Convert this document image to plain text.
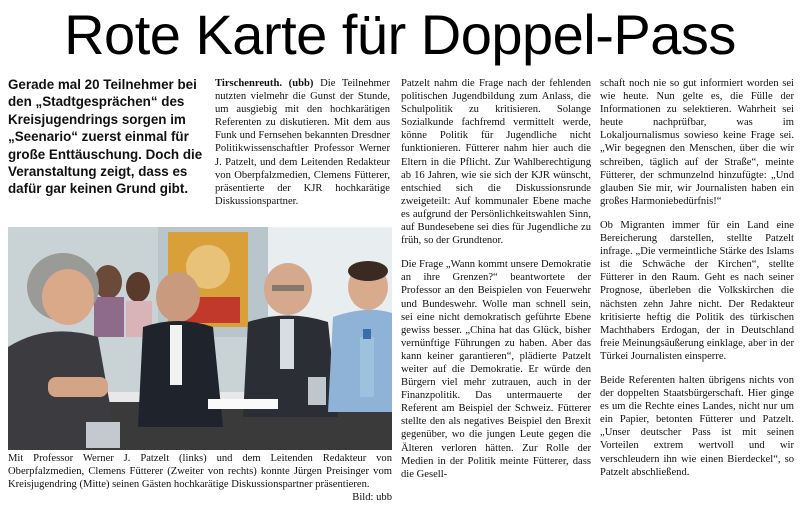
Rote Karte für Doppel-Pass

Gerade mal 20 Teilnehmer bei den „Stadtgesprächen“ des Kreisjugendrings sorgen im „Seenario“ zuerst einmal für große Enttäuschung. Doch die Veranstaltung zeigt, dass es dafür gar keinen Grund gibt.

Tirschenreuth. (ubb) Die Teilnehmer nutzten vielmehr die Gunst der Stunde, um ausgiebig mit den hochkarätigen Referenten zu diskutieren. Mit dem aus Funk und Fernsehen bekannten Dresdner Politikwissenschaftler Professor Werner J. Patzelt, und dem Leitenden Redakteur von Oberpfalzmedien, Clemens Fütterer, präsentierte der KJR hochkarätige Diskussionspartner.

Patzelt nahm die Frage nach der fehlenden politischen Jugendbildung zum Anlass, die Schulpolitik zu kritisieren. Solange Sozialkunde fachfremd vermittelt werde, könne Politik für Jugendliche nicht funktionieren. Fütterer nahm hier auch die Eltern in die Pflicht. Zur Wahlberechtigung ab 16 Jahren, wie sie sich der KJR wünscht, entschied sich die Diskussionsrunde zweigeteilt: Auf kommunaler Ebene mache es aufgrund der Persönlichkeitswahlen Sinn, auf Bundesebene sei dies für Jugendliche zu früh, so der Grundtenor.

Die Frage „Wann kommt unsere Demokratie an ihre Grenzen?“ beantwortete der Professor an den Beispielen von Feuerwehr und Bundeswehr. Wolle man schnell sein, sei eine nicht demokratisch geführte Ebene gewiss besser. „China hat das Glück, bisher vernünftige Führungen zu haben. Aber das kann keiner garantieren“, plädierte Patzelt weiter auf die Demokratie. Er würde den Bürgern viel mehr zutrauen, auch in der Finanzpolitik. Das untermauerte der Referent am Beispiel der Schweiz. Fütterer stellte den als negatives Beispiel den Brexit gegenüber, wo die jungen Leute gegen die Älteren verloren hätten. Zur Rolle der Medien in der Politik meinte Fütterer, dass die Gesell-

schaft noch nie so gut informiert worden sei wie heute. Nun gelte es, die Fülle der Informationen zu selektieren. Wahrheit sei heute nachprüfbar, was im Lokaljournalismus sowieso keine Frage sei. „Wir begegnen den Menschen, über die wir schreiben, täglich auf der Straße“, meinte Fütterer, der schmunzelnd hinzufügte: „Und glauben Sie mir, wir Journalisten haben ein großes Harmoniebedürfnis!“

Ob Migranten immer für ein Land eine Bereicherung darstellen, stellte Patzelt infrage. „Die vermeintliche Stärke des Islams ist die Schwäche der Kirchen“, stellte Fütterer in den Raum. Geht es nach seiner Prognose, überleben die Volkskirchen die nächsten zehn Jahre nicht. Der Redakteur kritisierte heftig die Politik des türkischen Machthabers Erdogan, der in Deutschland freie Meinungsäußerung einklage, aber in der Türkei Journalisten einsperre.

Beide Referenten halten übrigens nichts von der doppelten Staatsbürgerschaft. Hier ginge es um die Rechte eines Landes, nicht nur um ein Papier, betonten Fütterer und Patzelt. „Unser deutscher Pass ist mit seinen Vorteilen extrem wertvoll und wir verschleudern ihn wie einen Bierdeckel“, so Patzelt abschließend.

Mit Professor Werner J. Patzelt (links) und dem Leitenden Redakteur von Oberpfalzmedien, Clemens Fütterer (Zweiter von rechts) konnte Jürgen Preisinger vom Kreisjugendring (Mitte) seinen Gästen hochkarätige Diskussionspartner präsentieren.
Bild: ubb
